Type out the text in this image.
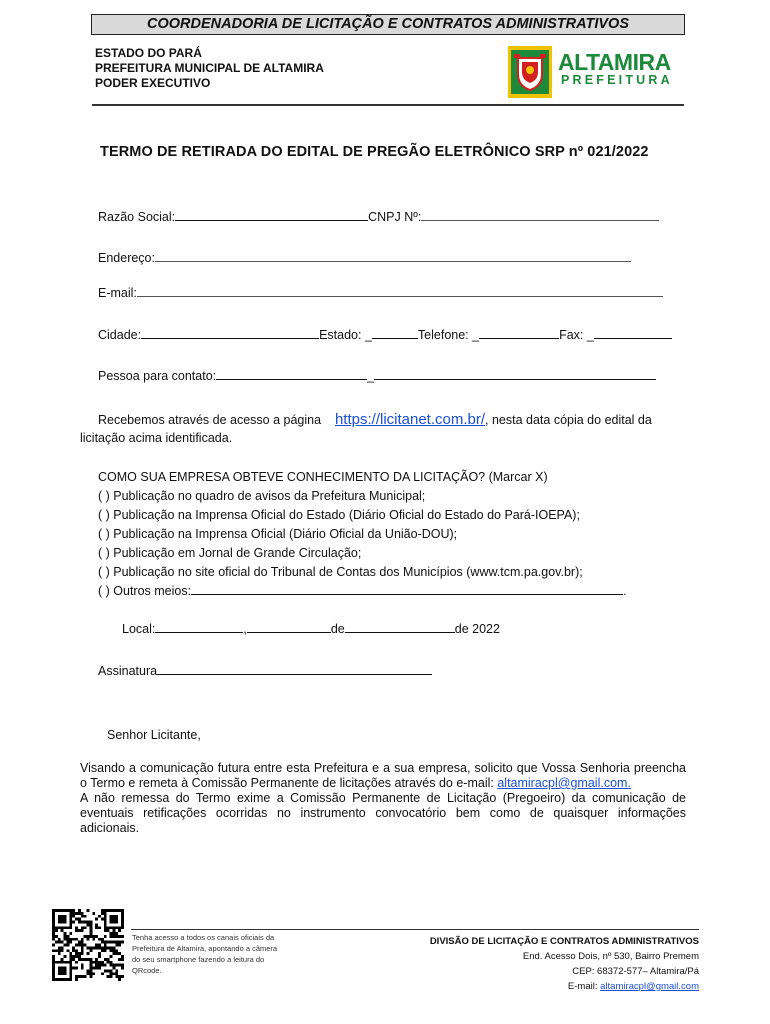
COORDENADORIA DE LICITAÇÃO E CONTRATOS ADMINISTRATIVOS
ESTADO DO PARÁ
PREFEITURA MUNICIPAL DE ALTAMIRA
PODER EXECUTIVO
ALTAMIRA
PREFEITURA
TERMO DE RETIRADA DO EDITAL DE PREGÃO ELETRÔNICO SRP nº 021/2022
Razão Social:	CNPJ Nº:
Endereço:
E-mail:
Cidade:	Estado: _	Telefone: _	Fax: _
Pessoa para contato:	_
Recebemos através de acesso a página https://licitanet.com.br/, nesta data cópia do edital da
licitação acima identificada.
COMO SUA EMPRESA OBTEVE CONHECIMENTO DA LICITAÇÃO? (Marcar X)
( ) Publicação no quadro de avisos da Prefeitura Municipal;
( ) Publicação na Imprensa Oficial do Estado (Diário Oficial do Estado do Pará-IOEPA);
( ) Publicação na Imprensa Oficial (Diário Oficial da União-DOU);
( ) Publicação em Jornal de Grande Circulação;
( ) Publicação no site oficial do Tribunal de Contas dos Municípios (www.tcm.pa.gov.br);
( ) Outros meios:	.
Local:	,	de	de 2022
Assinatura
Senhor Licitante,
Visando a comunicação futura entre esta Prefeitura e a sua empresa, solicito que Vossa Senhoria preencha o Termo e remeta à Comissão Permanente de licitações através do e-mail: altamiracpl@gmail.com.
A não remessa do Termo exime a Comissão Permanente de Licitação (Pregoeiro) da comunicação de eventuais retificações ocorridas no instrumento convocatório bem como de quaisquer informações adicionais.
Tenha acesso a todos os canais oficiais da Prefeitura de Altamira, apontando a câmera do seu smartphone fazendo a leitura do QRcode.
DIVISÃO DE LICITAÇÃO E CONTRATOS ADMINISTRATIVOS
End. Acesso Dois, nº 530, Bairro Premem
CEP: 68372-577– Altamira/Pá
E-mail: altamiracpl@gmail.com
